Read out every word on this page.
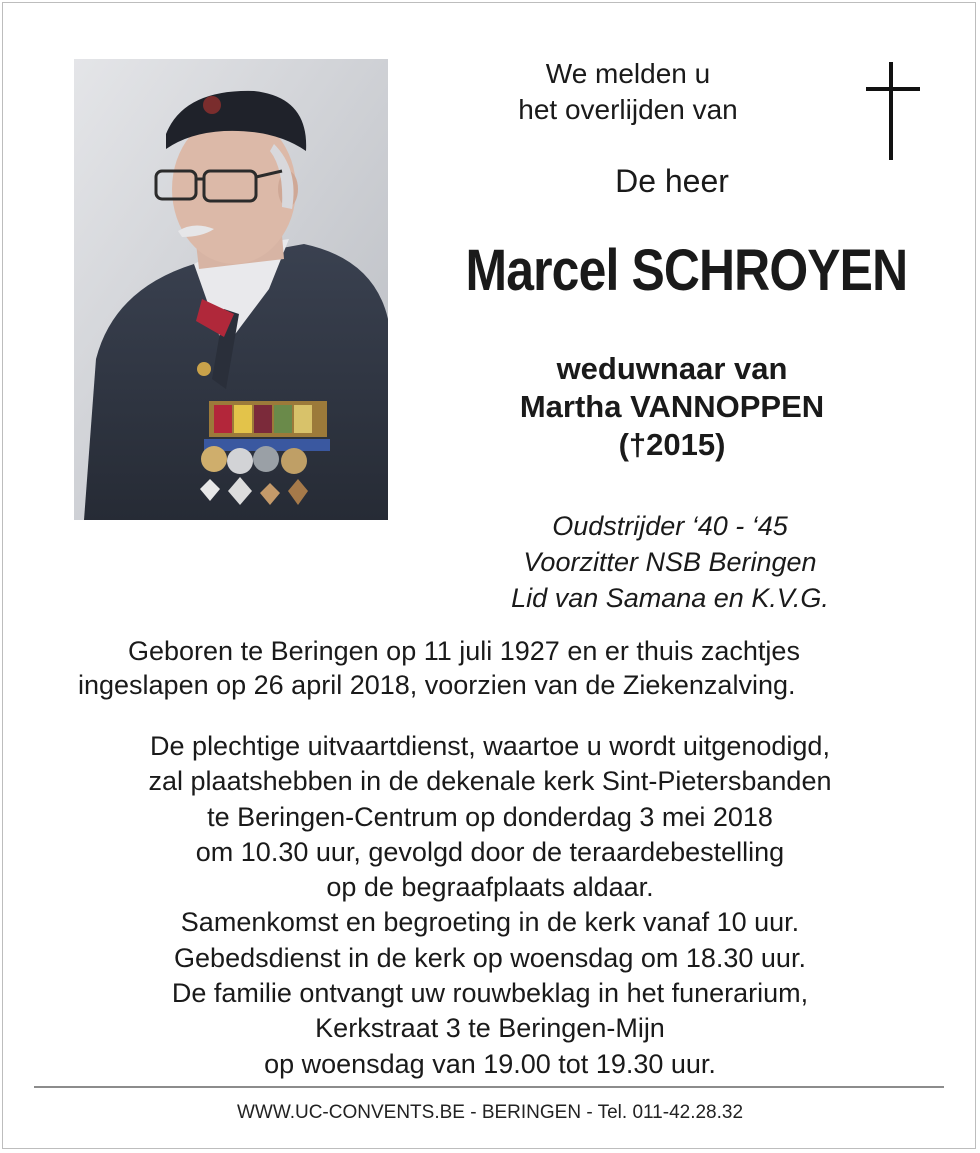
We melden u
het overlijden van
De heer
Marcel SCHROYEN
weduwnaar van
Martha VANNOPPEN
(†2015)
Oudstrijder ‘40 - ‘45
Voorzitter NSB Beringen
Lid van Samana en K.V.G.
Geboren te Beringen op 11 juli 1927 en er thuis zachtjes
ingeslapen op 26 april 2018, voorzien van de Ziekenzalving.
De plechtige uitvaartdienst, waartoe u wordt uitgenodigd,
zal plaatshebben in de dekenale kerk Sint-Pietersbanden
te Beringen-Centrum op donderdag 3 mei 2018
om 10.30 uur, gevolgd door de teraardebestelling
op de begraafplaats aldaar.
Samenkomst en begroeting in de kerk vanaf 10 uur.
Gebedsdienst in de kerk op woensdag om 18.30 uur.
De familie ontvangt uw rouwbeklag in het funerarium,
Kerkstraat 3 te Beringen-Mijn
op woensdag van 19.00 tot 19.30 uur.
WWW.UC-CONVENTS.BE - BERINGEN - Tel. 011-42.28.32
